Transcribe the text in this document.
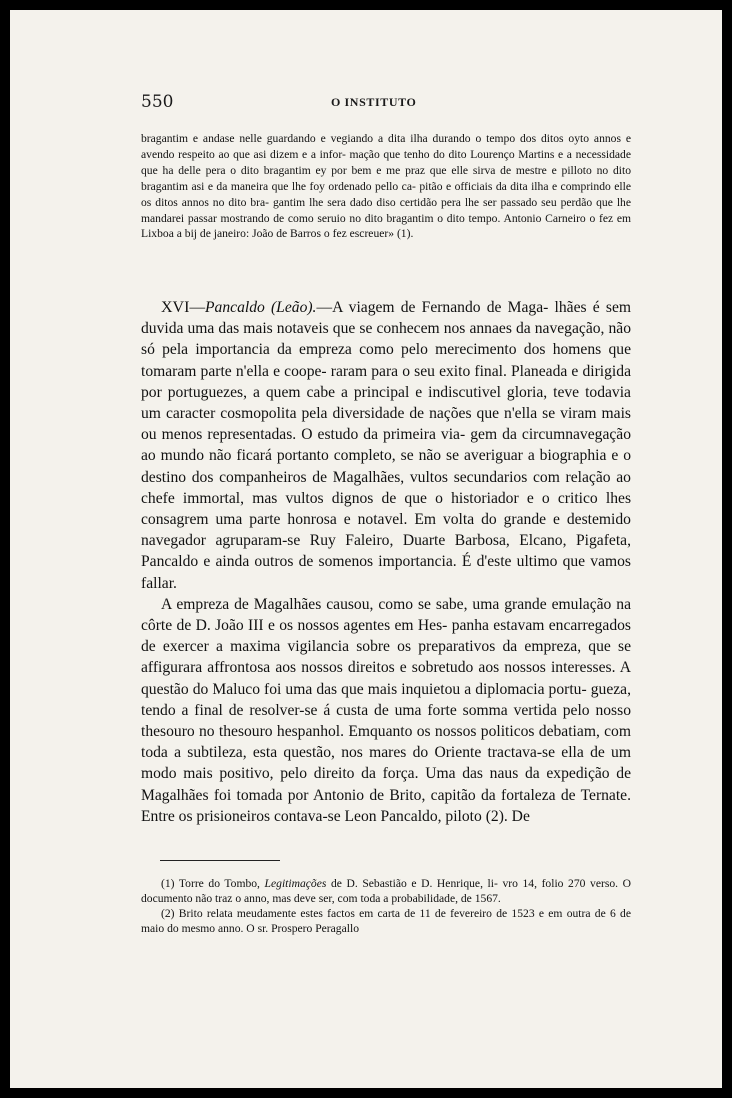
550	O INSTITUTO

bragantim e andase nelle guardando e vegiando a dita ilha durando o tempo dos ditos oyto annos e avendo respeito ao que asi dizem e a infor- mação que tenho do dito Lourenço Martins e a necessidade que ha delle pera o dito bragantim ey por bem e me praz que elle sirva de mestre e pilloto no dito bragantim asi e da maneira que lhe foy ordenado pello ca- pitão e officiais da dita ilha e comprindo elle os ditos annos no dito bra- gantim lhe sera dado diso certidão pera lhe ser passado seu perdão que lhe mandarei passar mostrando de como seruio no dito bragantim o dito tempo. Antonio Carneiro o fez em Lixboa a bij de janeiro: João de Barros o fez escreuer» (1).

XVI—Pancaldo (Leão).—A viagem de Fernando de Maga- lhães é sem duvida uma das mais notaveis que se conhecem nos annaes da navegação, não só pela importancia da empreza como pelo merecimento dos homens que tomaram parte n'ella e coope- raram para o seu exito final. Planeada e dirigida por portuguezes, a quem cabe a principal e indiscutivel gloria, teve todavia um caracter cosmopolita pela diversidade de nações que n'ella se viram mais ou menos representadas. O estudo da primeira via- gem da circumnavegação ao mundo não ficará portanto completo, se não se averiguar a biographia e o destino dos companheiros de Magalhães, vultos secundarios com relação ao chefe immortal, mas vultos dignos de que o historiador e o critico lhes consagrem uma parte honrosa e notavel. Em volta do grande e destemido navegador agruparam-se Ruy Faleiro, Duarte Barbosa, Elcano, Pigafeta, Pancaldo e ainda outros de somenos importancia. É d'este ultimo que vamos fallar.

A empreza de Magalhães causou, como se sabe, uma grande emulação na côrte de D. João III e os nossos agentes em Hes- panha estavam encarregados de exercer a maxima vigilancia sobre os preparativos da empreza, que se affigurara affrontosa aos nossos direitos e sobretudo aos nossos interesses. A questão do Maluco foi uma das que mais inquietou a diplomacia portu- gueza, tendo a final de resolver-se á custa de uma forte somma vertida pelo nosso thesouro no thesouro hespanhol. Emquanto os nossos politicos debatiam, com toda a subtileza, esta questão, nos mares do Oriente tractava-se ella de um modo mais positivo, pelo direito da força. Uma das naus da expedição de Magalhães foi tomada por Antonio de Brito, capitão da fortaleza de Ternate. Entre os prisioneiros contava-se Leon Pancaldo, piloto (2). De

(1) Torre do Tombo, Legitimações de D. Sebastião e D. Henrique, li- vro 14, folio 270 verso. O documento não traz o anno, mas deve ser, com toda a probabilidade, de 1567.

(2) Brito relata meudamente estes factos em carta de 11 de fevereiro de 1523 e em outra de 6 de maio do mesmo anno. O sr. Prospero Peragallo
